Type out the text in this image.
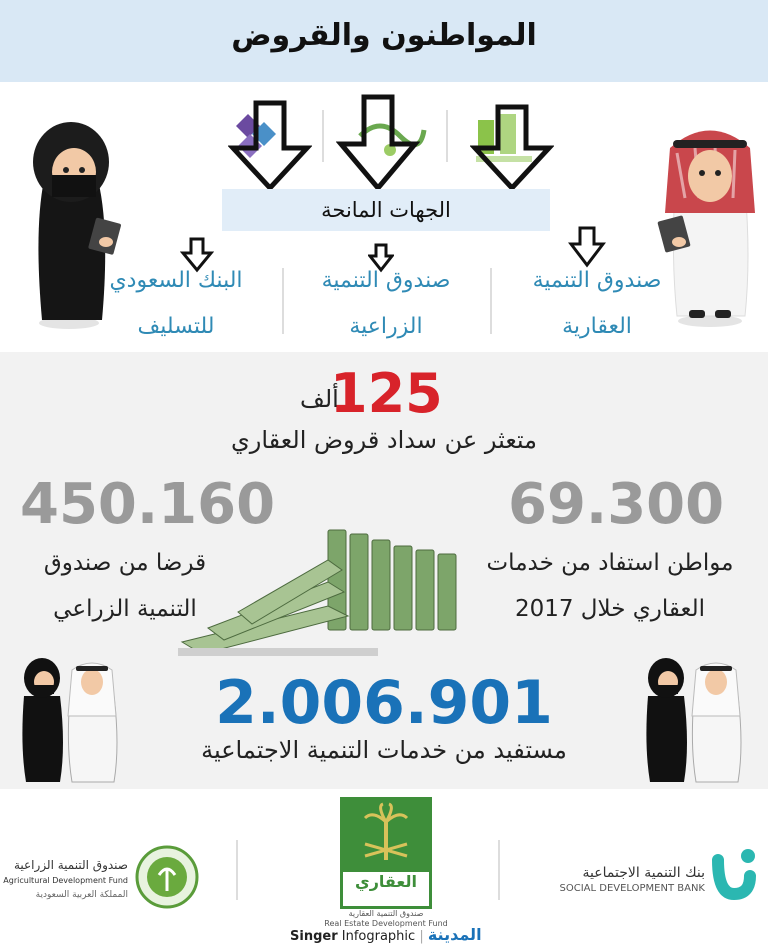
المواطنون والقروض
الجهات المانحة
صندوق التنمية
العقارية
صندوق التنمية
الزراعية
البنك السعودي
للتسليف
125
ألف
متعثر عن سداد قروض العقاري
450.160	69.300
مواطن استفاد من خدمات
العقاري خلال 2017
قرضا من صندوق
التنمية الزراعي
2.006.901
مستفيد من خدمات التنمية الاجتماعية
صندوق التنمية الزراعية
Agricultural Development Fund
المملكة العربية السعودية
العقاري
صندوق التنمية العقارية
Real Estate Development Fund
بنك التنمية الاجتماعية
SOCIAL DEVELOPMENT BANK
Singer Infographic | المدينة
